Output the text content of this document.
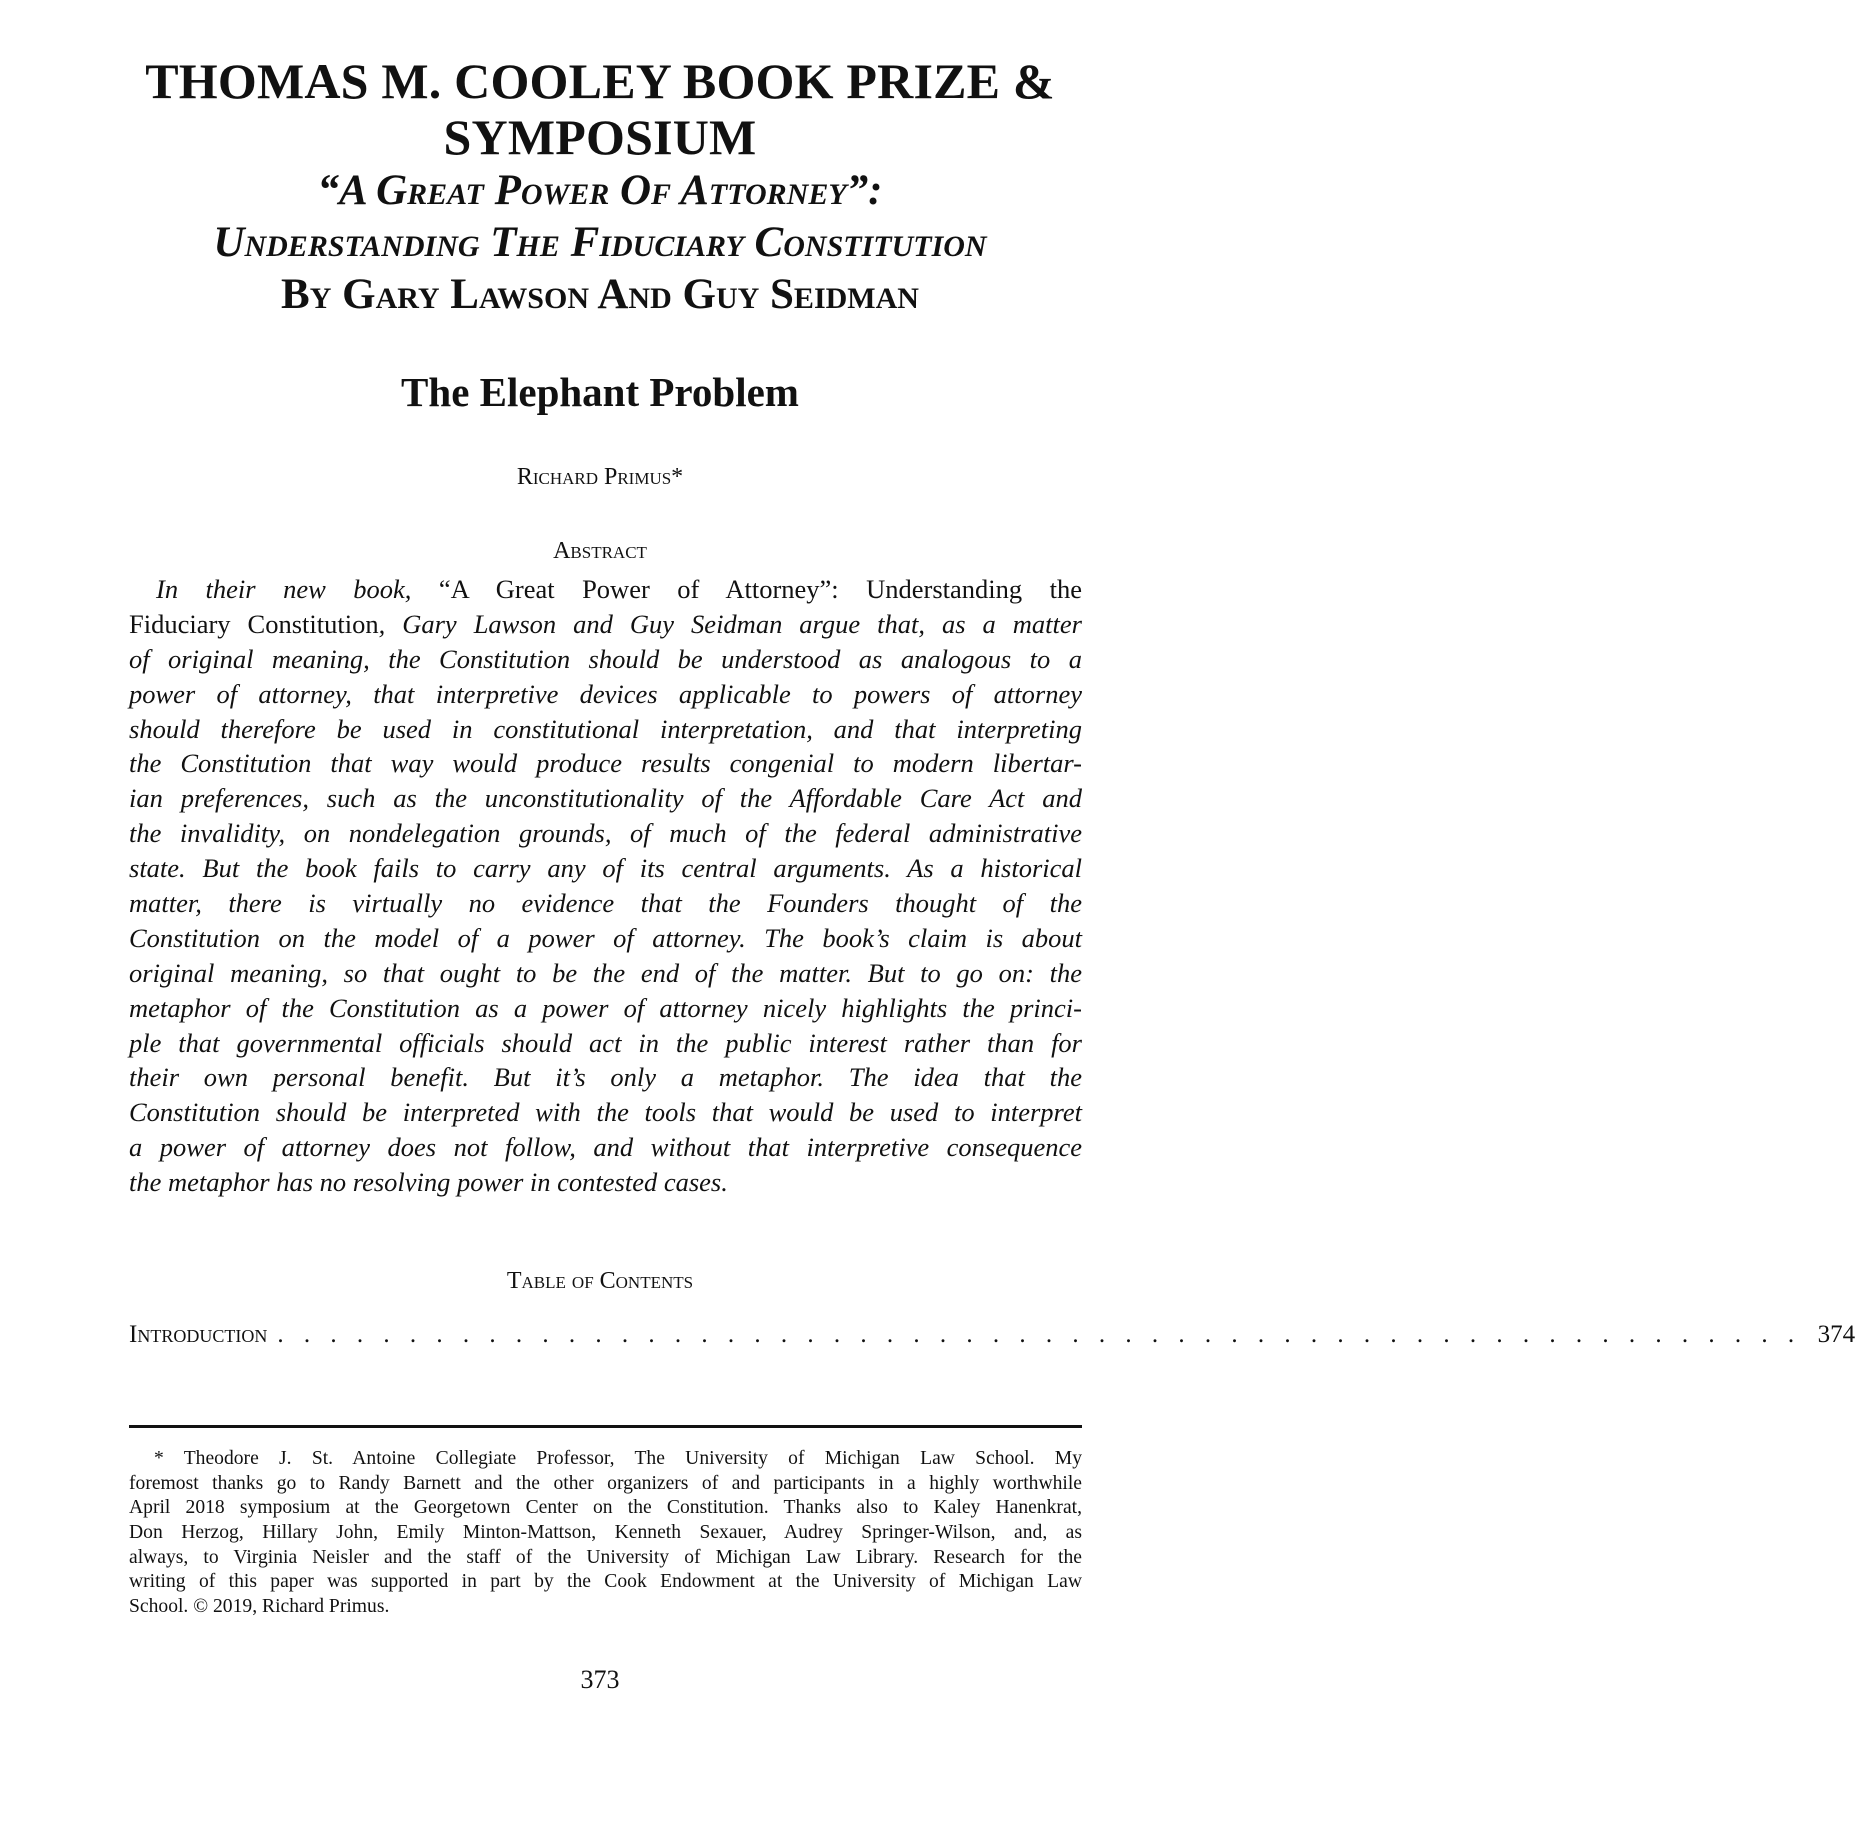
THOMAS M. COOLEY BOOK PRIZE &
SYMPOSIUM
“A Great Power Of Attorney”:
Understanding The Fiduciary Constitution
By Gary Lawson And Guy Seidman
The Elephant Problem
Richard Primus*
Abstract
In their new book, “A Great Power of Attorney”: Understanding the
Fiduciary Constitution, Gary Lawson and Guy Seidman argue that, as a matter
of original meaning, the Constitution should be understood as analogous to a
power of attorney, that interpretive devices applicable to powers of attorney
should therefore be used in constitutional interpretation, and that interpreting
the Constitution that way would produce results congenial to modern libertar-
ian preferences, such as the unconstitutionality of the Affordable Care Act and
the invalidity, on nondelegation grounds, of much of the federal administrative
state. But the book fails to carry any of its central arguments. As a historical
matter, there is virtually no evidence that the Founders thought of the
Constitution on the model of a power of attorney. The book’s claim is about
original meaning, so that ought to be the end of the matter. But to go on: the
metaphor of the Constitution as a power of attorney nicely highlights the princi-
ple that governmental officials should act in the public interest rather than for
their own personal benefit. But it’s only a metaphor. The idea that the
Constitution should be interpreted with the tools that would be used to interpret
a power of attorney does not follow, and without that interpretive consequence
the metaphor has no resolving power in contested cases.
Table of Contents
Introduction . . . . . . . . . . . . . . . . . . . . . . . . . . . . . . . . . . . . . . . . . . . . . . . . . . . . . . . . . . 374
* Theodore J. St. Antoine Collegiate Professor, The University of Michigan Law School. My
foremost thanks go to Randy Barnett and the other organizers of and participants in a highly worthwhile
April 2018 symposium at the Georgetown Center on the Constitution. Thanks also to Kaley Hanenkrat,
Don Herzog, Hillary John, Emily Minton-Mattson, Kenneth Sexauer, Audrey Springer-Wilson, and, as
always, to Virginia Neisler and the staff of the University of Michigan Law Library. Research for the
writing of this paper was supported in part by the Cook Endowment at the University of Michigan Law
School. © 2019, Richard Primus.
373
